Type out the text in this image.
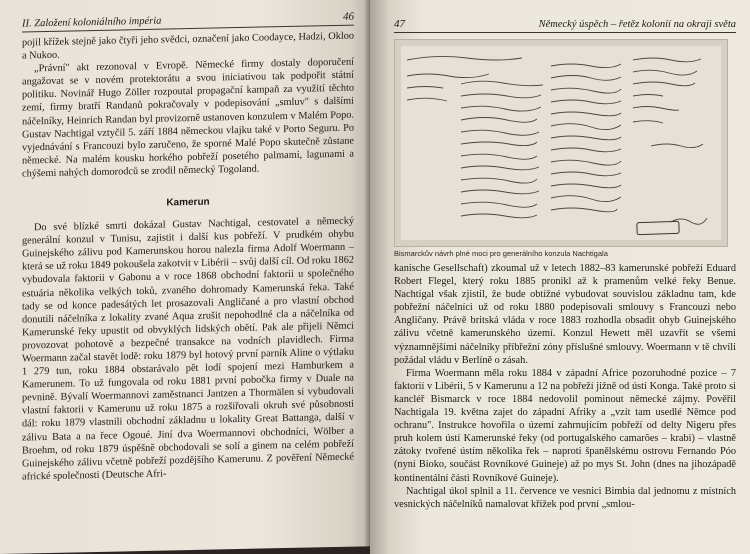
II. Založení koloniálního impéria	46

pojil křížek stejně jako čtyři jeho svědci, označení jako Coodayce, Hadzi, Okloo a Nukoo.

„Právní" akt rezonoval v Evropě. Německé firmy dostaly doporučení angažovat se v novém protektorátu a svou iniciativou tak podpořit státní politiku. Novinář Hugo Zöller rozpoutal propagační kampaň za využití těchto zemí, firmy bratří Randanů pokračovaly v podepisování „smluv" s dalšími náčelníky, Heinrich Randan byl provizorně ustanoven konzulem v Malém Popo. Gustav Nachtigal vztyčil 5. září 1884 německou vlajku také v Porto Seguru. Po vyjednávání s Francouzi bylo zaručeno, že sporné Malé Popo skutečně zůstane německé. Na malém kousku horkého pobřeží posetého palmami, lagunami a chýšemi nahých domorodců se zrodil německý Togoland.

Kamerun

Do své blízké smrti dokázal Gustav Nachtigal, cestovatel a německý generální konzul v Tunisu, zajistit i další kus pobřeží. V prudkém ohybu Guinejského zálivu pod Kamerunskou horou nalezla firma Adolf Woermann – která se už roku 1849 pokoušela zakotvit v Libérii – svůj další cíl. Od roku 1862 vybudovala faktorii v Gabonu a v roce 1868 obchodní faktorii u společného estuária několika velkých toků, zvaného dohromady Kamerunská řeka. Také tady se od konce padesátých let prosazovali Angličané a pro vlastní obchod donutili náčelníka z lokality zvané Aqua zrušit nepohodlné cla a náčelníka od Kamerunské řeky upustit od obvyklých lidských obětí. Pak ale přijeli Němci provozovat pohotově a bezpečné transakce na vodních plavidlech. Firma Woermann začal stavět lodě: roku 1879 byl hotový první parník Aline o výtlaku 1 279 tun, roku 1884 obstarávalo pět lodí spojení mezi Hamburkem a Kamerunem. To už fungovala od roku 1881 první pobočka firmy v Duale na pevnině. Bývalí Woermannovi zaměstnanci Jantzen a Thormälen si vybudovali vlastní faktorii v Kamerunu už roku 1875 a rozšiřovali okruh své působnosti dál: roku 1879 vlastnili obchodní základnu u lokality Great Battanga, další v zálivu Bata a na řece Ogoué. Jiní dva Woermannovi obchodníci, Wölber a Broehm, od roku 1879 úspěšně obchodovali se solí a ginem na celém pobřeží Guinejského zálivu včetně pobřeží pozdějšího Kamerunu. Z pověření Německé africké společnosti (Deutsche Afri-

47	Německý úspěch – řetěz kolonií na okraji světa
Bismarckův návrh plné moci pro generálního konzula Nachtigala

kanische Gesellschaft) zkoumal už v letech 1882–83 kamerunské pobřeží Eduard Robert Flegel, který roku 1885 pronikl až k pramenům velké řeky Benue. Nachtigal však zjistil, že bude obtížné vybudovat souvislou základnu tam, kde pobřežní náčelníci už od roku 1880 podepisovali smlouvy s Francouzi nebo Angličany. Právě britská vláda v roce 1883 rozhodla obsadit ohyb Guinejského zálivu včetně kamerunského území. Konzul Hewett měl uzavřít se všemi významnějšími náčelníky příbřežní zóny příslušné smlouvy. Woermann v tě chvíli požádal vládu v Berlíně o zásah.

Firma Woermann měla roku 1884 v západní Africe pozoruhodné pozice – 7 faktorií v Libérii, 5 v Kamerunu a 12 na pobřeží jižně od ústí Konga. Také proto si kancléř Bismarck v roce 1884 nedovolil pominout německé zájmy. Pověřil Nachtigala 19. května zajet do západní Afriky a „vzít tam usedlé Němce pod ochranu". Instrukce hovořila o území zahrnujícím pobřeží od delty Nigeru přes pruh kolem ústí Kamerunské řeky (od portugalského camarões – krabi) – vlastně zátoky tvořené ústím několika řek – naproti španělskému ostrovu Fernando Póo (nyní Bioko, součást Rovníkové Guineje) až po mys St. John (dnes na jihozápadě kontinentální části Rovníkové Guineje).

Nachtigal úkol splnil a 11. července ve vesnici Bimbia dal jednomu z místních vesnických náčelníků namalovat křížek pod první „smlou-
